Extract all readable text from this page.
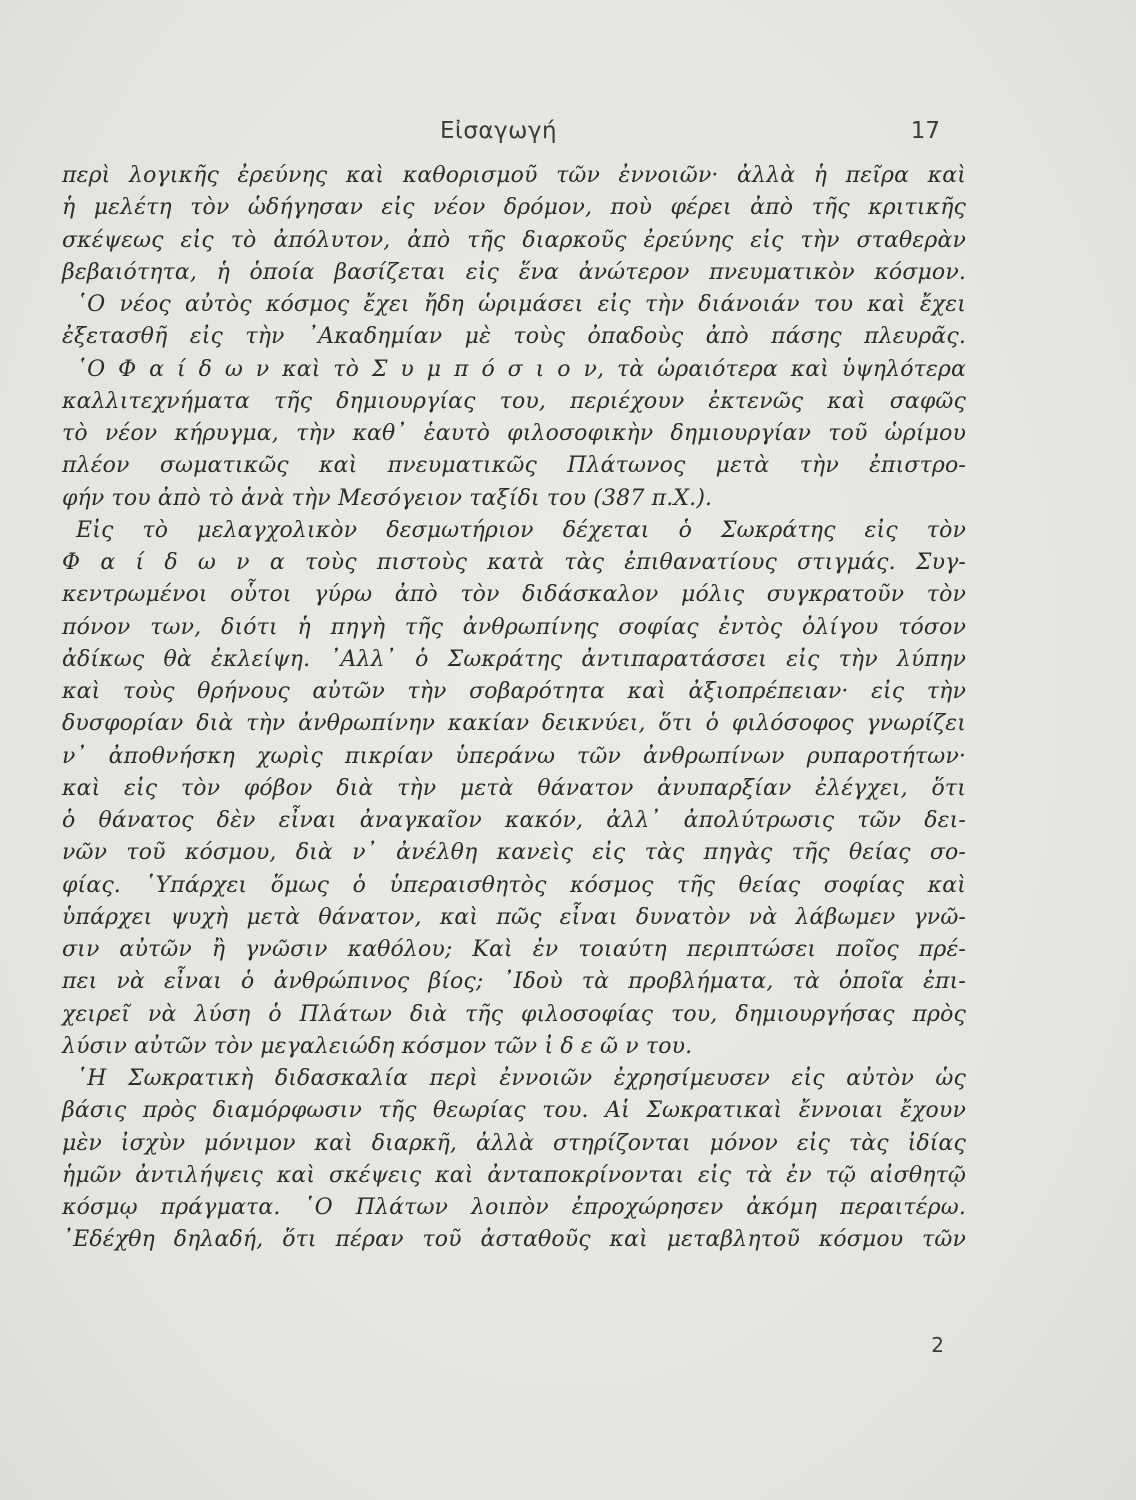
Εἰσαγωγή	17
περὶ λογικῆς ἐρεύνης καὶ καθορισμοῦ τῶν ἐννοιῶν· ἀλλὰ ἡ πεῖρα καὶ
ἡ μελέτη τὸν ὡδήγησαν εἰς νέον δρόμον, ποὺ φέρει ἀπὸ τῆς κριτικῆς
σκέψεως εἰς τὸ ἀπόλυτον, ἀπὸ τῆς διαρκοῦς ἐρεύνης εἰς τὴν σταθερὰν
βεβαιότητα, ἡ ὁποία βασίζεται εἰς ἕνα ἀνώτερον πνευματικὸν κόσμον.
῾Ο νέος αὐτὸς κόσμος ἔχει ἤδη ὡριμάσει εἰς τὴν διάνοιάν του καὶ ἔχει
ἐξετασθῆ εἰς τὴν ᾿Ακαδημίαν μὲ τοὺς ὀπαδοὺς ἀπὸ πάσης πλευρᾶς.
῾Ο Φ α ί δ ω ν καὶ τὸ Σ υ μ π ό σ ι ο ν, τὰ ὡραιότερα καὶ ὑψηλότερα
καλλιτεχνήματα τῆς δημιουργίας του, περιέχουν ἐκτενῶς καὶ σαφῶς
τὸ νέον κήρυγμα, τὴν καθ᾿ ἑαυτὸ φιλοσοφικὴν δημιουργίαν τοῦ ὡρίμου
πλέον σωματικῶς καὶ πνευματικῶς Πλάτωνος μετὰ τὴν ἐπιστρο-
φήν του ἀπὸ τὸ ἀνὰ τὴν Μεσόγειον ταξίδι του (387 π.Χ.).
Εἰς τὸ μελαγχολικὸν δεσμωτήριον δέχεται ὁ Σωκράτης εἰς τὸν
Φ α ί δ ω ν α τοὺς πιστοὺς κατὰ τὰς ἐπιθανατίους στιγμάς. Συγ-
κεντρωμένοι οὗτοι γύρω ἀπὸ τὸν διδάσκαλον μόλις συγκρατοῦν τὸν
πόνον των, διότι ἡ πηγὴ τῆς ἀνθρωπίνης σοφίας ἐντὸς ὀλίγου τόσον
ἀδίκως θὰ ἐκλείψη. ᾿Αλλ᾿ ὁ Σωκράτης ἀντιπαρατάσσει εἰς τὴν λύπην
καὶ τοὺς θρήνους αὐτῶν τὴν σοβαρότητα καὶ ἀξιοπρέπειαν· εἰς τὴν
δυσφορίαν διὰ τὴν ἀνθρωπίνην κακίαν δεικνύει, ὅτι ὁ φιλόσοφος γνωρίζει
ν᾿ ἀποθνήσκη χωρὶς πικρίαν ὑπεράνω τῶν ἀνθρωπίνων ρυπαροτήτων·
καὶ εἰς τὸν φόβον διὰ τὴν μετὰ θάνατον ἀνυπαρξίαν ἐλέγχει, ὅτι
ὁ θάνατος δὲν εἶναι ἀναγκαῖον κακόν, ἀλλ᾿ ἀπολύτρωσις τῶν δει-
νῶν τοῦ κόσμου, διὰ ν᾿ ἀνέλθη κανεὶς εἰς τὰς πηγὰς τῆς θείας σο-
φίας. ῾Υπάρχει ὅμως ὁ ὑπεραισθητὸς κόσμος τῆς θείας σοφίας καὶ
ὑπάρχει ψυχὴ μετὰ θάνατον, καὶ πῶς εἶναι δυνατὸν νὰ λάβωμεν γνῶ-
σιν αὐτῶν ἢ γνῶσιν καθόλου; Καὶ ἐν τοιαύτη περιπτώσει ποῖος πρέ-
πει νὰ εἶναι ὁ ἀνθρώπινος βίος; ᾿Ιδοὺ τὰ προβλήματα, τὰ ὁποῖα ἐπι-
χειρεῖ νὰ λύση ὁ Πλάτων διὰ τῆς φιλοσοφίας του, δημιουργήσας πρὸς
λύσιν αὐτῶν τὸν μεγαλειώδη κόσμον τῶν ἰ δ ε ῶ ν του.
῾Η Σωκρατικὴ διδασκαλία περὶ ἐννοιῶν ἐχρησίμευσεν εἰς αὐτὸν ὡς
βάσις πρὸς διαμόρφωσιν τῆς θεωρίας του. Αἱ Σωκρατικαὶ ἔννοιαι ἔχουν
μὲν ἰσχὺν μόνιμον καὶ διαρκῆ, ἀλλὰ στηρίζονται μόνον εἰς τὰς ἰδίας
ἡμῶν ἀντιλήψεις καὶ σκέψεις καὶ ἀνταποκρίνονται εἰς τὰ ἐν τῷ αἰσθητῷ
κόσμῳ πράγματα. ῾Ο Πλάτων λοιπὸν ἐπροχώρησεν ἀκόμη περαιτέρω.
᾿Εδέχθη δηλαδή, ὅτι πέραν τοῦ ἀσταθοῦς καὶ μεταβλητοῦ κόσμου τῶν
2
